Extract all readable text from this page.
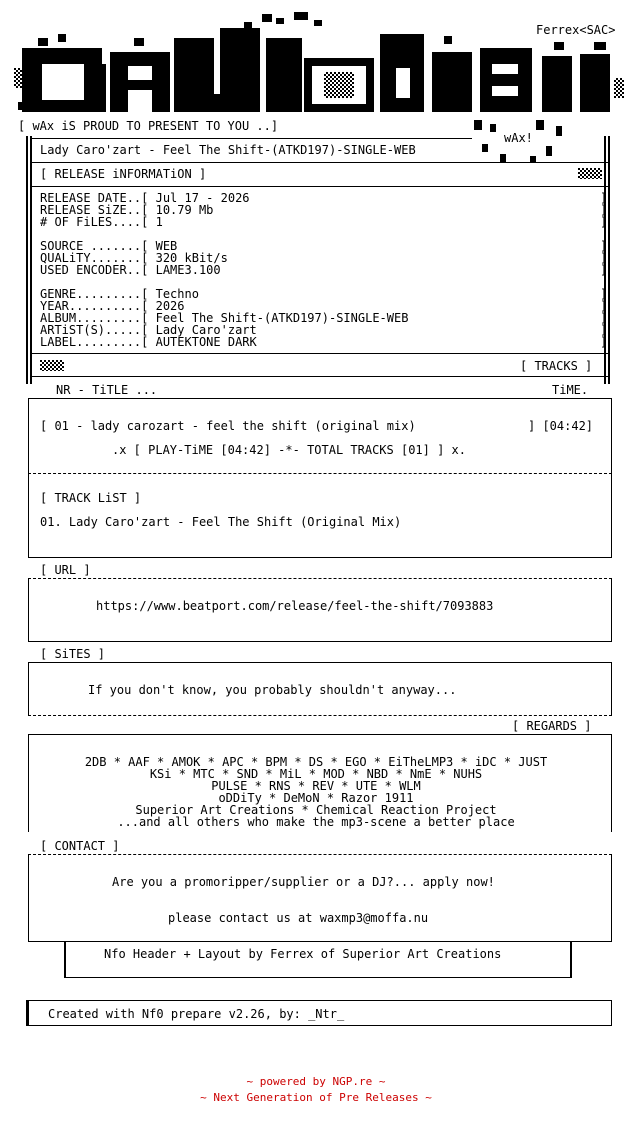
Ferrex<SAC>
[ wAx iS PROUD TO PRESENT TO YOU ..]
wAx!
Lady Caro'zart - Feel The Shift-(ATKD197)-SINGLE-WEB
[ RELEASE iNFORMATiON ]
RELEASE DATE..[ Jul 17 - 2026
RELEASE SiZE..[ 10.79 Mb
# OF FiLES....[ 1
SOURCE .......[ WEB
QUALiTY.......[ 320 kBit/s
USED ENCODER..[ LAME3.100
GENRE.........[ Techno
YEAR..........[ 2026
ALBUM.........[ Feel The Shift-(ATKD197)-SINGLE-WEB
ARTiST(S).....[ Lady Caro'zart
LABEL.........[ AUTEKTONE DARK
]
]
]

]
]
]

]
]
]
]
]
[ TRACKS ]
NR - TiTLE ...	TiME.
[ 01 - lady carozart - feel the shift (original mix)	] [04:42]
.x [ PLAY-TiME [04:42] -*- TOTAL TRACKS [01] ] x.
[ TRACK LiST ]
01. Lady Caro'zart - Feel The Shift (Original Mix)
[ URL ]
https://www.beatport.com/release/feel-the-shift/7093883
[ SiTES ]
If you don't know, you probably shouldn't anyway...
[ REGARDS ]
2DB * AAF * AMOK * APC * BPM * DS * EGO * EiTheLMP3 * iDC * JUST
KSi * MTC * SND * MiL * MOD * NBD * NmE * NUHS
PULSE * RNS * REV * UTE * WLM
oDDiTy * DeMoN * Razor 1911
Superior Art Creations * Chemical Reaction Project
...and all others who make the mp3-scene a better place
[ CONTACT ]
Are you a promoripper/supplier or a DJ?... apply now!
please contact us at waxmp3@moffa.nu
Nfo Header + Layout by Ferrex of Superior Art Creations
Created with Nf0 prepare v2.26, by: _Ntr_
~ powered by NGP.re ~
~ Next Generation of Pre Releases ~
